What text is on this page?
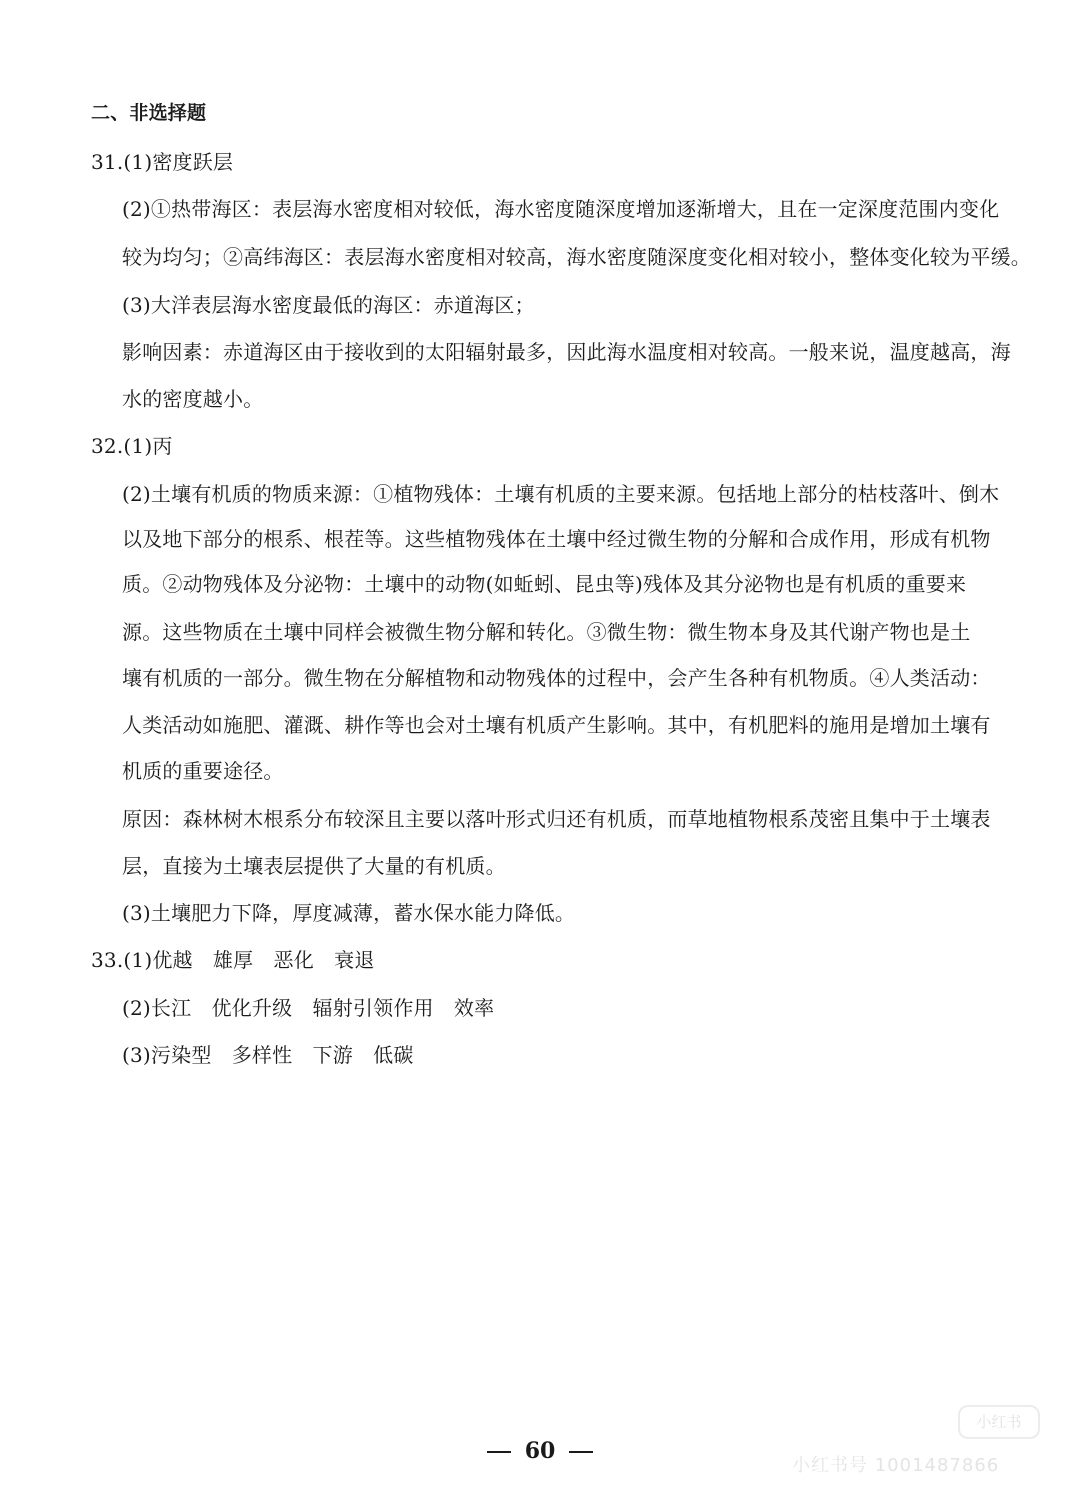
二、非选择题
31.(1)密度跃层
(2)①热带海区：表层海水密度相对较低，海水密度随深度增加逐渐增大，且在一定深度范围内变化
较为均匀；②高纬海区：表层海水密度相对较高，海水密度随深度变化相对较小，整体变化较为平缓。
(3)大洋表层海水密度最低的海区：赤道海区；
影响因素：赤道海区由于接收到的太阳辐射最多，因此海水温度相对较高。一般来说，温度越高，海
水的密度越小。
32.(1)丙
(2)土壤有机质的物质来源：①植物残体：土壤有机质的主要来源。包括地上部分的枯枝落叶、倒木
以及地下部分的根系、根茬等。这些植物残体在土壤中经过微生物的分解和合成作用，形成有机物
质。②动物残体及分泌物：土壤中的动物(如蚯蚓、昆虫等)残体及其分泌物也是有机质的重要来
源。这些物质在土壤中同样会被微生物分解和转化。③微生物：微生物本身及其代谢产物也是土
壤有机质的一部分。微生物在分解植物和动物残体的过程中，会产生各种有机物质。④人类活动：
人类活动如施肥、灌溉、耕作等也会对土壤有机质产生影响。其中，有机肥料的施用是增加土壤有
机质的重要途径。
原因：森林树木根系分布较深且主要以落叶形式归还有机质，而草地植物根系茂密且集中于土壤表
层，直接为土壤表层提供了大量的有机质。
(3)土壤肥力下降，厚度减薄，蓄水保水能力降低。
33.(1)优越　雄厚　恶化　衰退
(2)长江　优化升级　辐射引领作用　效率
(3)污染型　多样性　下游　低碳
小红书
小红书号 1001487866
60
